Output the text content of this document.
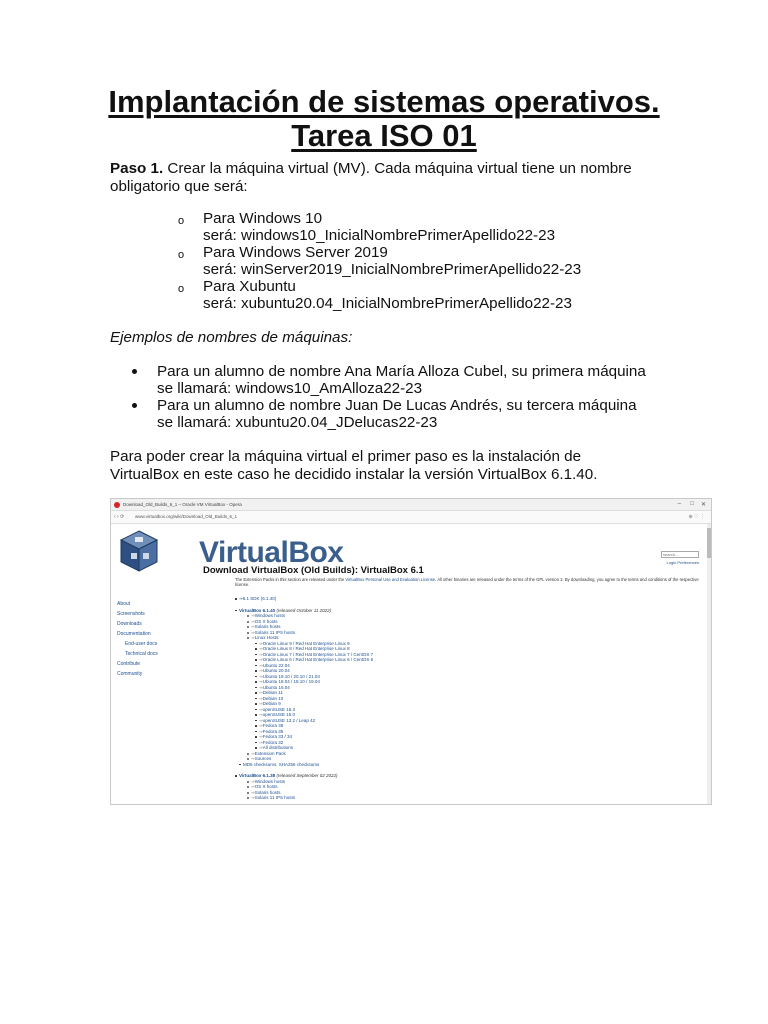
Implantación de sistemas operativos.
Tarea ISO 01
Paso 1. Crear la máquina virtual (MV). Cada máquina virtual tiene un nombre
obligatorio que será:
o Para Windows 10
será: windows10_InicialNombrePrimerApellido22-23
o Para Windows Server 2019
será: winServer2019_InicialNombrePrimerApellido22-23
o Para Xubuntu
será: xubuntu20.04_InicialNombrePrimerApellido22-23
Ejemplos de nombres de máquinas:
Para un alumno de nombre Ana María Alloza Cubel, su primera máquina
se llamará: windows10_AmAlloza22-23
Para un alumno de nombre Juan De Lucas Andrés, su tercera máquina
se llamará: xubuntu20.04_JDelucas22-23
Para poder crear la máquina virtual el primer paso es la instalación de
VirtualBox en este caso he decidido instalar la versión VirtualBox 6.1.40.
Download_Old_Builds_6_1 – Oracle VM VirtualBox - Opera	– □ ✕
‹ › ⟳ www.virtualbox.org/wiki/Download_Old_Builds_6_1	⊕ ♡ ⋮
VirtualBox	search...
Login Preferences
About
Screenshots
Downloads
Documentation
End-user docs
Technical docs
Contribute
Community
Download VirtualBox (Old Builds): VirtualBox 6.1
The Extension Packs in this section are released under the VirtualBox Personal Use and Evaluation License. All other binaries are released under the terms of the GPL version 2. By downloading, you agree to the terms and conditions of the respective license.
⇒6.1 SDK (6.1.40)
VirtualBox 6.1.40 (released October 11 2022)
⇒Windows hosts
⇒OS X hosts
⇒Solaris hosts
⇒Solaris 11 IPS hosts
⇒Linux Hosts:
⇒Oracle Linux 9 / Red Hat Enterprise Linux 9
⇒Oracle Linux 8 / Red Hat Enterprise Linux 8
⇒Oracle Linux 7 / Red Hat Enterprise Linux 7 / CentOS 7
⇒Oracle Linux 6 / Red Hat Enterprise Linux 6 / CentOS 6
⇒Ubuntu 22.04
⇒Ubuntu 20.04
⇒Ubuntu 19.10 / 20.10 / 21.04
⇒Ubuntu 18.04 / 18.10 / 19.04
⇒Ubuntu 16.04
⇒Debian 11
⇒Debian 10
⇒Debian 9
⇒openSUSE 15.3
⇒openSUSE 15.0
⇒openSUSE 13.2 / Leap 42
⇒Fedora 36
⇒Fedora 35
⇒Fedora 33 / 34
⇒Fedora 32
⇒All distributions
⇒Extension Pack
⇒Sources
MD5 checksums, SHA256 checksums
VirtualBox 6.1.38 (released September 02 2022)
⇒Windows hosts
⇒OS X hosts
⇒Solaris hosts
⇒Solaris 11 IPS hosts
